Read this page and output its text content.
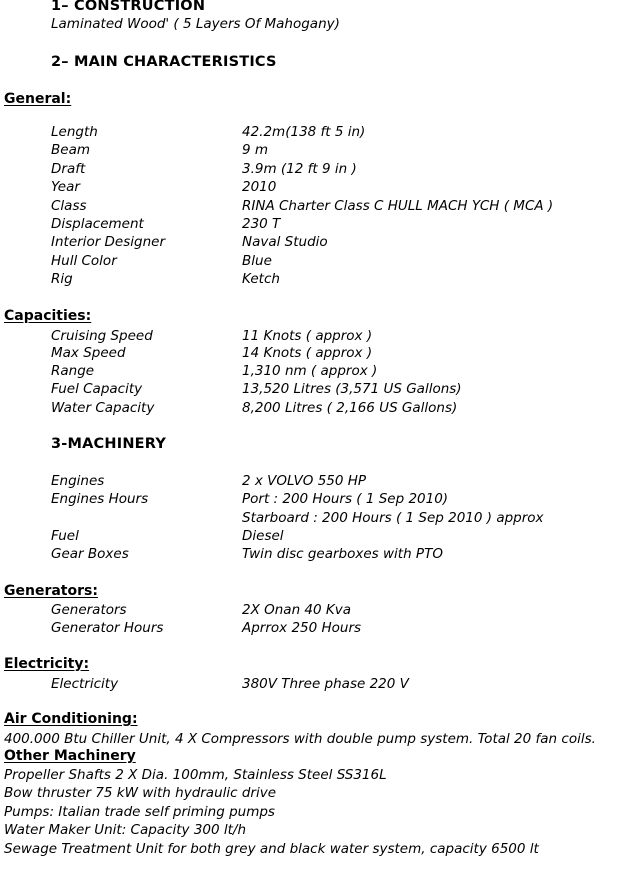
1– CONSTRUCTION
Laminated Wood' ( 5 Layers Of Mahogany)
2– MAIN CHARACTERISTICS
General:
Length	42.2m(138 ft 5 in)
Beam	9 m
Draft	3.9m (12 ft 9 in )
Year	2010
Class	RINA Charter Class C HULL MACH YCH ( MCA )
Displacement	230 T
Interior Designer	Naval Studio
Hull Color	Blue
Rig	Ketch
Capacities:
Cruising Speed	11 Knots ( approx )
Max Speed	14 Knots ( approx )
Range	1,310 nm ( approx )
Fuel Capacity	13,520 Litres (3,571 US Gallons)
Water Capacity	8,200 Litres ( 2,166 US Gallons)
3-MACHINERY
Engines	2 x VOLVO 550 HP
Engines Hours	Port : 200 Hours ( 1 Sep 2010)
Starboard : 200 Hours ( 1 Sep 2010 ) approx
Fuel	Diesel
Gear Boxes	Twin disc gearboxes with PTO
Generators:
Generators	2X Onan 40 Kva
Generator Hours	Aprrox 250 Hours
Electricity:
Electricity	380V Three phase 220 V
Air Conditioning:
400.000 Btu Chiller Unit, 4 X Compressors with double pump system. Total 20 fan coils.
Other Machinery
Propeller Shafts 2 X Dia. 100mm, Stainless Steel SS316L
Bow thruster 75 kW with hydraulic drive
Pumps: Italian trade self priming pumps
Water Maker Unit: Capacity 300 lt/h
Sewage Treatment Unit for both grey and black water system, capacity 6500 lt
